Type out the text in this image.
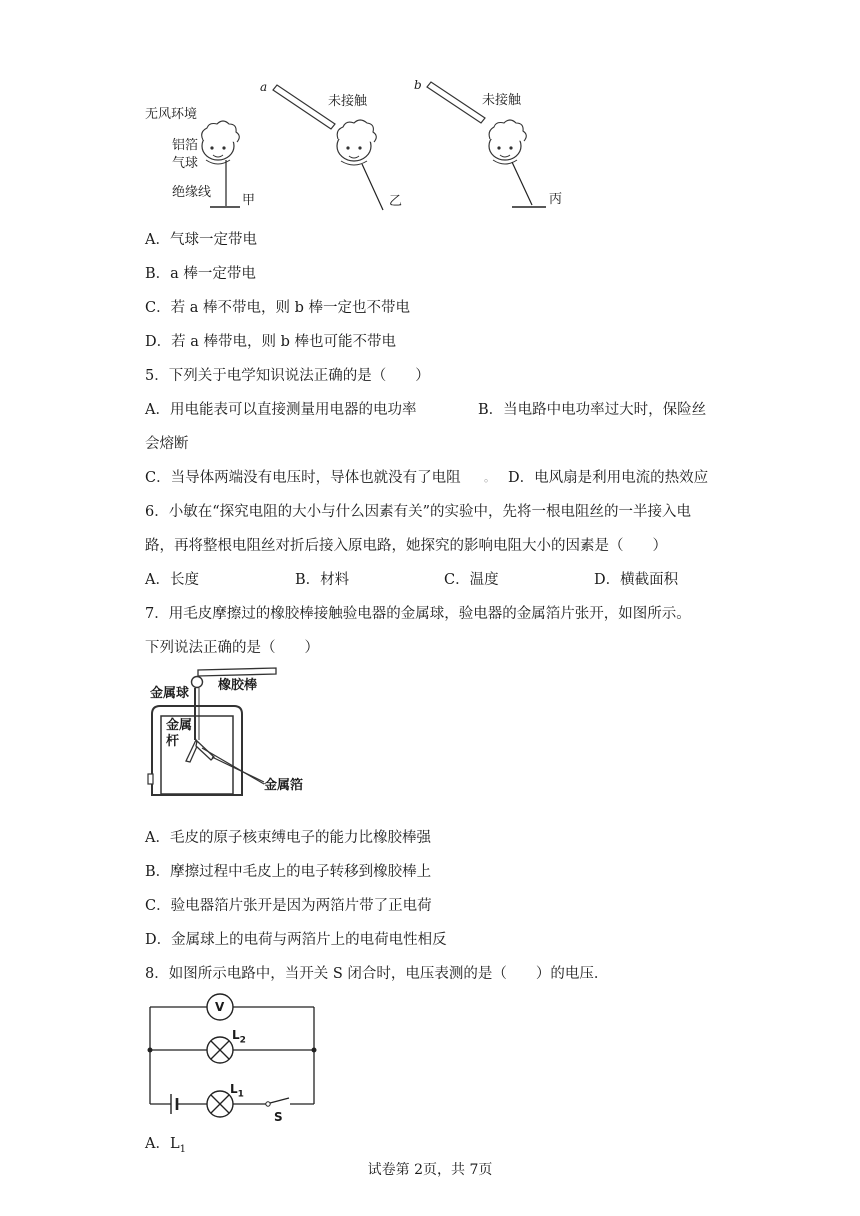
无风环境
铝箔
气球
绝缘线
甲
a
未接触
乙
b
未接触
丙
A．气球一定带电
B．a 棒一定带电
C．若 a 棒不带电，则 b 棒一定也不带电
D．若 a 棒带电，则 b 棒也可能不带电
5．下列关于电学知识说法正确的是（　　）
A．用电能表可以直接测量用电器的电功率	B．当电路中电功率过大时，保险丝
会熔断
C．当导体两端没有电压时，导体也就没有了电阻 。 D．电风扇是利用电流的热效应
6．小敏在“探究电阻的大小与什么因素有关”的实验中，先将一根电阻丝的一半接入电
路，再将整根电阻丝对折后接入原电路，她探究的影响电阻大小的因素是（　　）
A．长度	B．材料	C．温度	D．横截面积
7．用毛皮摩擦过的橡胶棒接触验电器的金属球，验电器的金属箔片张开，如图所示。
下列说法正确的是（　　）
金属球
橡胶棒
金属
杆
金属箔
A．毛皮的原子核束缚电子的能力比橡胶棒强
B．摩擦过程中毛皮上的电子转移到橡胶棒上
C．验电器箔片张开是因为两箔片带了正电荷
D．金属球上的电荷与两箔片上的电荷电性相反
8．如图所示电路中，当开关 S 闭合时，电压表测的是（　　）的电压．
V
$L_2$
$L_1$
S
A．$L_1$
试卷第 2页，共 7页
